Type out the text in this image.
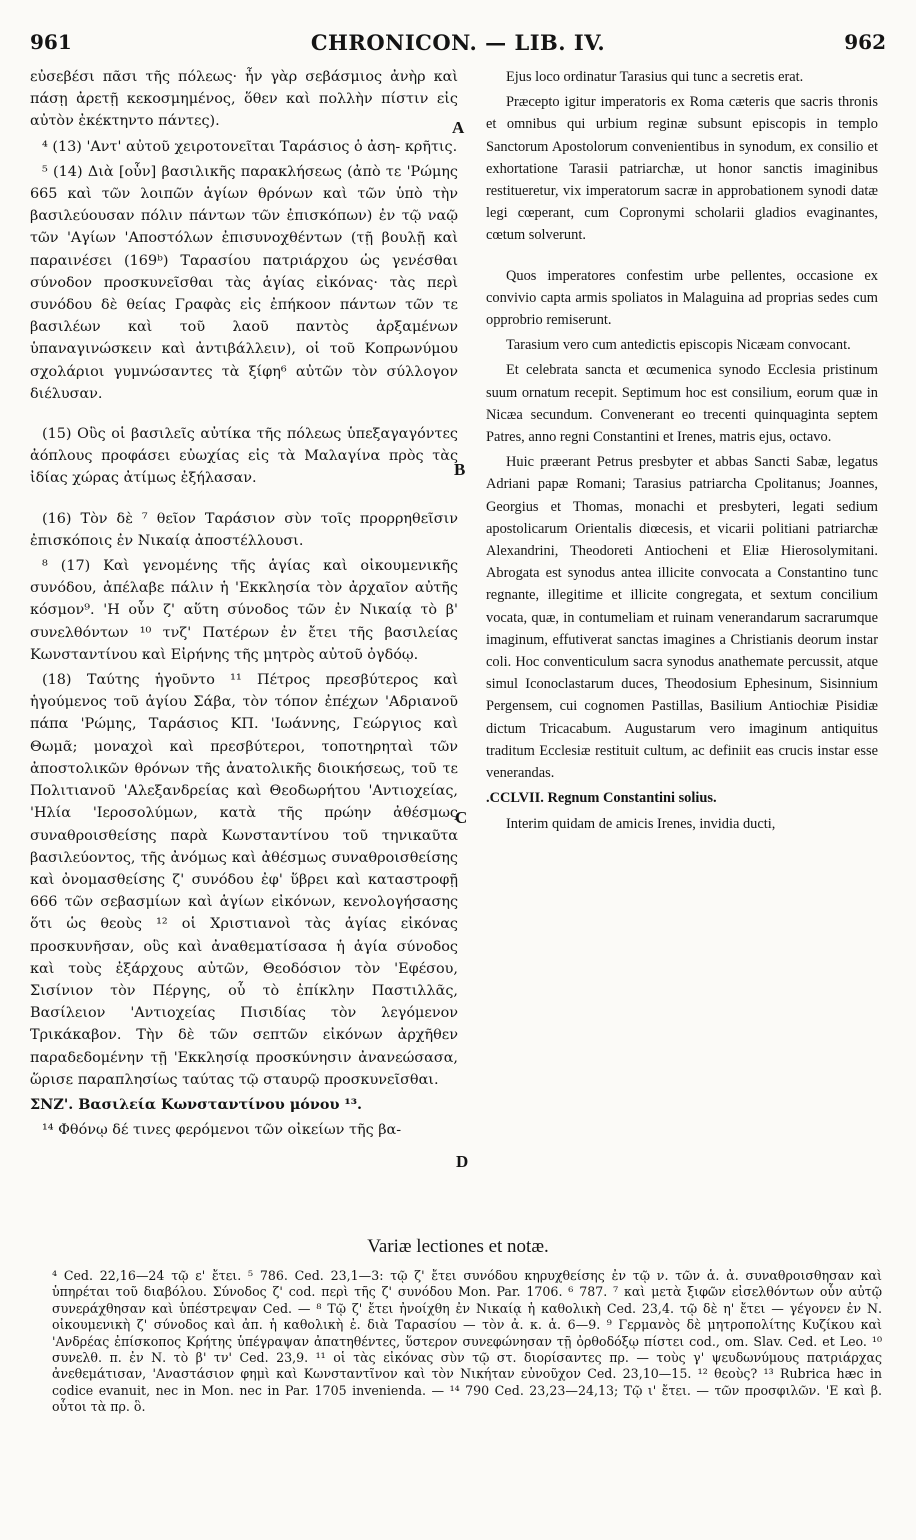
961	CHRONICON. — LIB. IV.	962

εὐσεβέσι πᾶσι τῆς πόλεως· ἦν γὰρ σεβάσμιος ἀνὴρ καὶ πάσῃ ἀρετῇ κεκοσμημένος, ὅθεν καὶ πολλὴν πίστιν εἰς αὐτὸν ἐκέκτηντο πάντες).

⁴ (13) 'Αντ' αὐτοῦ χειροτονεῖται Ταράσιος ὁ ἀση- κρῆτις.

⁵ (14) Διὰ [οὖν] βασιλικῆς παρακλήσεως (ἀπὸ τε 'Ρώμης 665 καὶ τῶν λοιπῶν ἁγίων θρόνων καὶ τῶν ὑπὸ τὴν βασιλεύουσαν πόλιν πάντων τῶν ἐπισκόπων) ἐν τῷ ναῷ τῶν 'Αγίων 'Αποστόλων ἐπισυνοχθέντων (τῇ βουλῇ καὶ παραινέσει (169ᵇ) Ταρασίου πατριάρχου ὡς γενέσθαι σύνοδον προσκυνεῖσθαι τὰς ἁγίας εἰκόνας· τὰς περὶ συνόδου δὲ θείας Γραφὰς εἰς ἐπήκοον πάντων τῶν τε βασιλέων καὶ τοῦ λαοῦ παντὸς ἀρξαμένων ὑπαναγινώσκειν καὶ ἀντιβάλλειν), οἱ τοῦ Κοπρωνύμου σχολάριοι γυμνώσαντες τὰ ξίφη⁶ αὐτῶν τὸν σύλλογον διέλυσαν.

(15) Οὓς οἱ βασιλεῖς αὐτίκα τῆς πόλεως ὑπεξαγαγόντες ἀόπλους προφάσει εὐωχίας εἰς τὰ Μαλαγίνα πρὸς τὰς ἰδίας χώρας ἀτίμως ἐξήλασαν.

(16) Τὸν δὲ ⁷ θεῖον Ταράσιον σὺν τοῖς προρρηθεῖσιν ἐπισκόποις ἐν Νικαίᾳ ἀποστέλλουσι.

⁸ (17) Καὶ γενομένης τῆς ἁγίας καὶ οἰκουμενικῆς συνόδου, ἀπέλαβε πάλιν ἡ 'Εκκλησία τὸν ἀρχαῖον αὐτῆς κόσμον⁹. 'Η οὖν ζ' αὕτη σύνοδος τῶν ἐν Νικαίᾳ τὸ β' συνελθόντων ¹⁰ τνζ' Πατέρων ἐν ἔτει τῆς βασιλείας Κωνσταντίνου καὶ Εἰρήνης τῆς μητρὸς αὐτοῦ ὀγδόῳ.

(18) Ταύτης ἡγοῦντο ¹¹ Πέτρος πρεσβύτερος καὶ ἡγούμενος τοῦ ἁγίου Σάβα, τὸν τόπον ἐπέχων 'Αδριανοῦ πάπα 'Ρώμης, Ταράσιος ΚΠ. 'Ιωάννης, Γεώργιος καὶ Θωμᾶ; μοναχοὶ καὶ πρεσβύτεροι, τοποτηρηταὶ τῶν ἀποστολικῶν θρόνων τῆς ἀνατολικῆς διοικήσεως, τοῦ τε Πολιτιανοῦ 'Αλεξανδρείας καὶ Θεοδωρήτου 'Αντιοχείας, 'Ηλία 'Ιεροσολύμων, κατὰ τῆς πρώην ἀθέσμως συναθροισθείσης παρὰ Κωνσταντίνου τοῦ τηνικαῦτα βασιλεύοντος, τῆς ἀνόμως καὶ ἀθέσμως συναθροισθείσης καὶ ὀνομασθείσης ζ' συνόδου ἐφ' ὕβρει καὶ καταστροφῇ 666 τῶν σεβασμίων καὶ ἁγίων εἰκόνων, κενολογήσασης ὅτι ὡς θεοὺς ¹² οἱ Χριστιανοὶ τὰς ἁγίας εἰκόνας προσκυνῆσαν, οὓς καὶ ἀναθεματίσασα ἡ ἁγία σύνοδος καὶ τοὺς ἐξάρχους αὐτῶν, Θεοδόσιον τὸν 'Εφέσου, Σισίνιον τὸν Πέργης, οὗ τὸ ἐπίκλην Παστιλλᾶς, Βασίλειον 'Αντιοχείας Πισιδίας τὸν λεγόμενον Τρικάκαβον. Τὴν δὲ τῶν σεπτῶν εἰκόνων ἀρχῆθεν παραδεδομένην τῇ 'Εκκλησίᾳ προσκύνησιν ἀνανεώσασα, ὥρισε παραπλησίως ταύτας τῷ σταυρῷ προσκυνεῖσθαι.

ΣΝΖ'. Βασιλεία Κωνσταντίνου μόνου ¹³.

¹⁴ Φθόνῳ δέ τινες φερόμενοι τῶν οἰκείων τῆς βα-

A
B
C
D

Ejus loco ordinatur Tarasius qui tunc a secretis erat.

Præcepto igitur imperatoris ex Roma cæteris que sacris thronis et omnibus qui urbium reginæ subsunt episcopis in templo Sanctorum Apostolorum convenientibus in synodum, ex consilio et exhortatione Tarasii patriarchæ, ut honor sanctis imaginibus restitueretur, vix imperatorum sacræ in approbationem synodi datæ legi cœperant, cum Copronymi scholarii gladios evaginantes, cœtum solverunt.

Quos imperatores confestim urbe pellentes, occasione ex convivio capta armis spoliatos in Malaguina ad proprias sedes cum opprobrio remiserunt.

Tarasium vero cum antedictis episcopis Nicæam convocant.

Et celebrata sancta et œcumenica synodo Ecclesia pristinum suum ornatum recepit. Septimum hoc est consilium, eorum quæ in Nicæa secundum. Convenerant eo trecenti quinquaginta septem Patres, anno regni Constantini et Irenes, matris ejus, octavo.

Huic præerant Petrus presbyter et abbas Sancti Sabæ, legatus Adriani papæ Romani; Tarasius patriarcha Cpolitanus; Joannes, Georgius et Thomas, monachi et presbyteri, legati sedium apostolicarum Orientalis diœcesis, et vicarii politiani patriarchæ Alexandrini, Theodoreti Antiocheni et Eliæ Hierosolymitani. Abrogata est synodus antea illicite convocata a Constantino tunc regnante, illegitime et illicite congregata, et sextum concilium vocata, quæ, in contumeliam et ruinam venerandarum sacrarumque imaginum, effutiverat sanctas imagines a Christianis deorum instar coli. Hoc conventiculum sacra synodus anathemate percussit, atque simul Iconoclastarum duces, Theodosium Ephesinum, Sisinnium Pergensem, cui cognomen Pastillas, Basilium Antiochiæ Pisidiæ dictum Tricacabum. Augustarum vero imaginum antiquitus traditum Ecclesiæ restituit cultum, ac definiit eas crucis instar esse venerandas.

.CCLVII. Regnum Constantini solius.

Interim quidam de amicis Irenes, invidia ducti,

Variæ lectiones et notæ.

⁴ Ced. 22,16—24 τῷ ε' ἔτει. ⁵ 786. Ced. 23,1—3: τῷ ζ' ἔτει συνόδου κηρυχθείσης ἐν τῷ ν. τῶν ἁ. ἀ. συναθροισθησαν καὶ ὑπηρέται τοῦ διαβόλου. Σύνοδος ζ' cod. περὶ τῆς ζ' συνόδου Mon. Par. 1706. ⁶ 787. ⁷ καὶ μετὰ ξιφῶν εἰσελθόντων οὗν αὐτῷ συνεράχθησαν καὶ ὑπέστρεψαν Ced. — ⁸ Τῷ ζ' ἔτει ἠνοίχθη ἐν Νικαίᾳ ἡ καθολικὴ Ced. 23,4. τῷ δὲ η' ἔτει — γέγονεν ἐν Ν. οἰκουμενικὴ ζ' σύνοδος καὶ ἀπ. ἡ καθολικὴ ἐ. διὰ Ταρασίου — τὸν ἀ. κ. ἁ. 6—9. ⁹ Γερμανὸς δὲ μητροπολίτης Κυζίκου καὶ 'Ανδρέας ἐπίσκοπος Κρήτης ὑπέγραψαν ἀπατηθέντες, ὕστερον συνεφώνησαν τῇ ὀρθοδόξῳ πίστει cod., om. Slav. Ced. et Leo. ¹⁰ συνελθ. π. ἐν Ν. τὸ β' τν' Ced. 23,9. ¹¹ οἱ τὰς εἰκόνας σὺν τῷ στ. διορίσαντες πρ. — τοὺς γ' ψευδωνύμους πατριάρχας ἀνεθεμάτισαν, 'Αναστάσιον φημὶ καὶ Κωνσταντῖνον καὶ τὸν Νικήταν εὐνοῦχον Ced. 23,10—15. ¹² θεοὺς? ¹³ Rubrica hæc in codice evanuit, nec in Mon. nec in Par. 1705 invenienda. — ¹⁴ 790 Ced. 23,23—24,13; Τῷ ι' ἔτει. — τῶν προσφιλῶν. 'Ε καὶ β. οὗτοι τὰ πρ. ὃ.
